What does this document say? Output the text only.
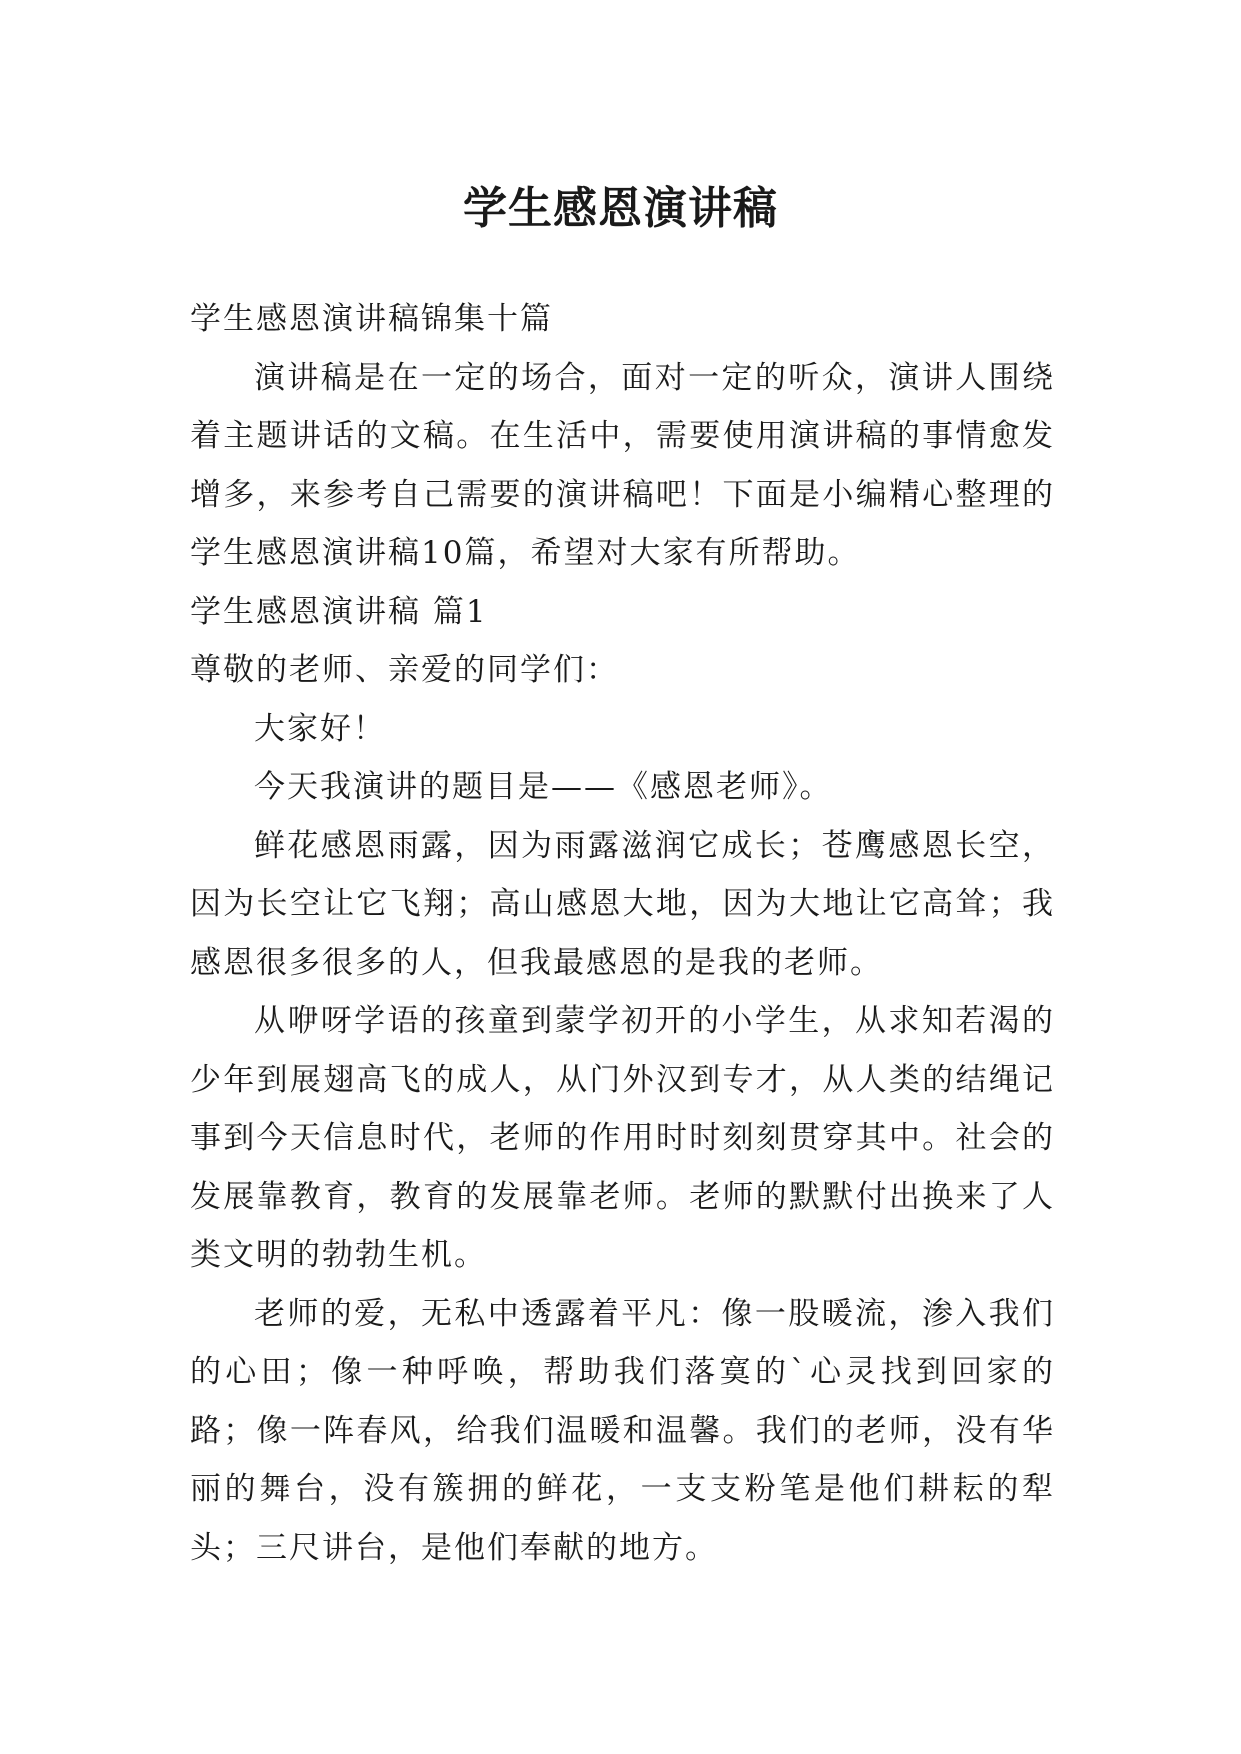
学生感恩演讲稿

学生感恩演讲稿锦集十篇

演讲稿是在一定的场合，面对一定的听众，演讲人围绕着主题讲话的文稿。在生活中，需要使用演讲稿的事情愈发增多，来参考自己需要的演讲稿吧！下面是小编精心整理的学生感恩演讲稿10篇，希望对大家有所帮助。

学生感恩演讲稿 篇1

尊敬的老师、亲爱的同学们：

大家好！

今天我演讲的题目是——《感恩老师》。

鲜花感恩雨露，因为雨露滋润它成长；苍鹰感恩长空，因为长空让它飞翔；高山感恩大地，因为大地让它高耸；我感恩很多很多的人，但我最感恩的是我的老师。

从咿呀学语的孩童到蒙学初开的小学生，从求知若渴的少年到展翅高飞的成人，从门外汉到专才，从人类的结绳记事到今天信息时代，老师的作用时时刻刻贯穿其中。社会的发展靠教育，教育的发展靠老师。老师的默默付出换来了人类文明的勃勃生机。

老师的爱，无私中透露着平凡：像一股暖流，渗入我们的心田；像一种呼唤，帮助我们落寞的`心灵找到回家的路；像一阵春风，给我们温暖和温馨。我们的老师，没有华丽的舞台，没有簇拥的鲜花，一支支粉笔是他们耕耘的犁头；三尺讲台，是他们奉献的地方。
